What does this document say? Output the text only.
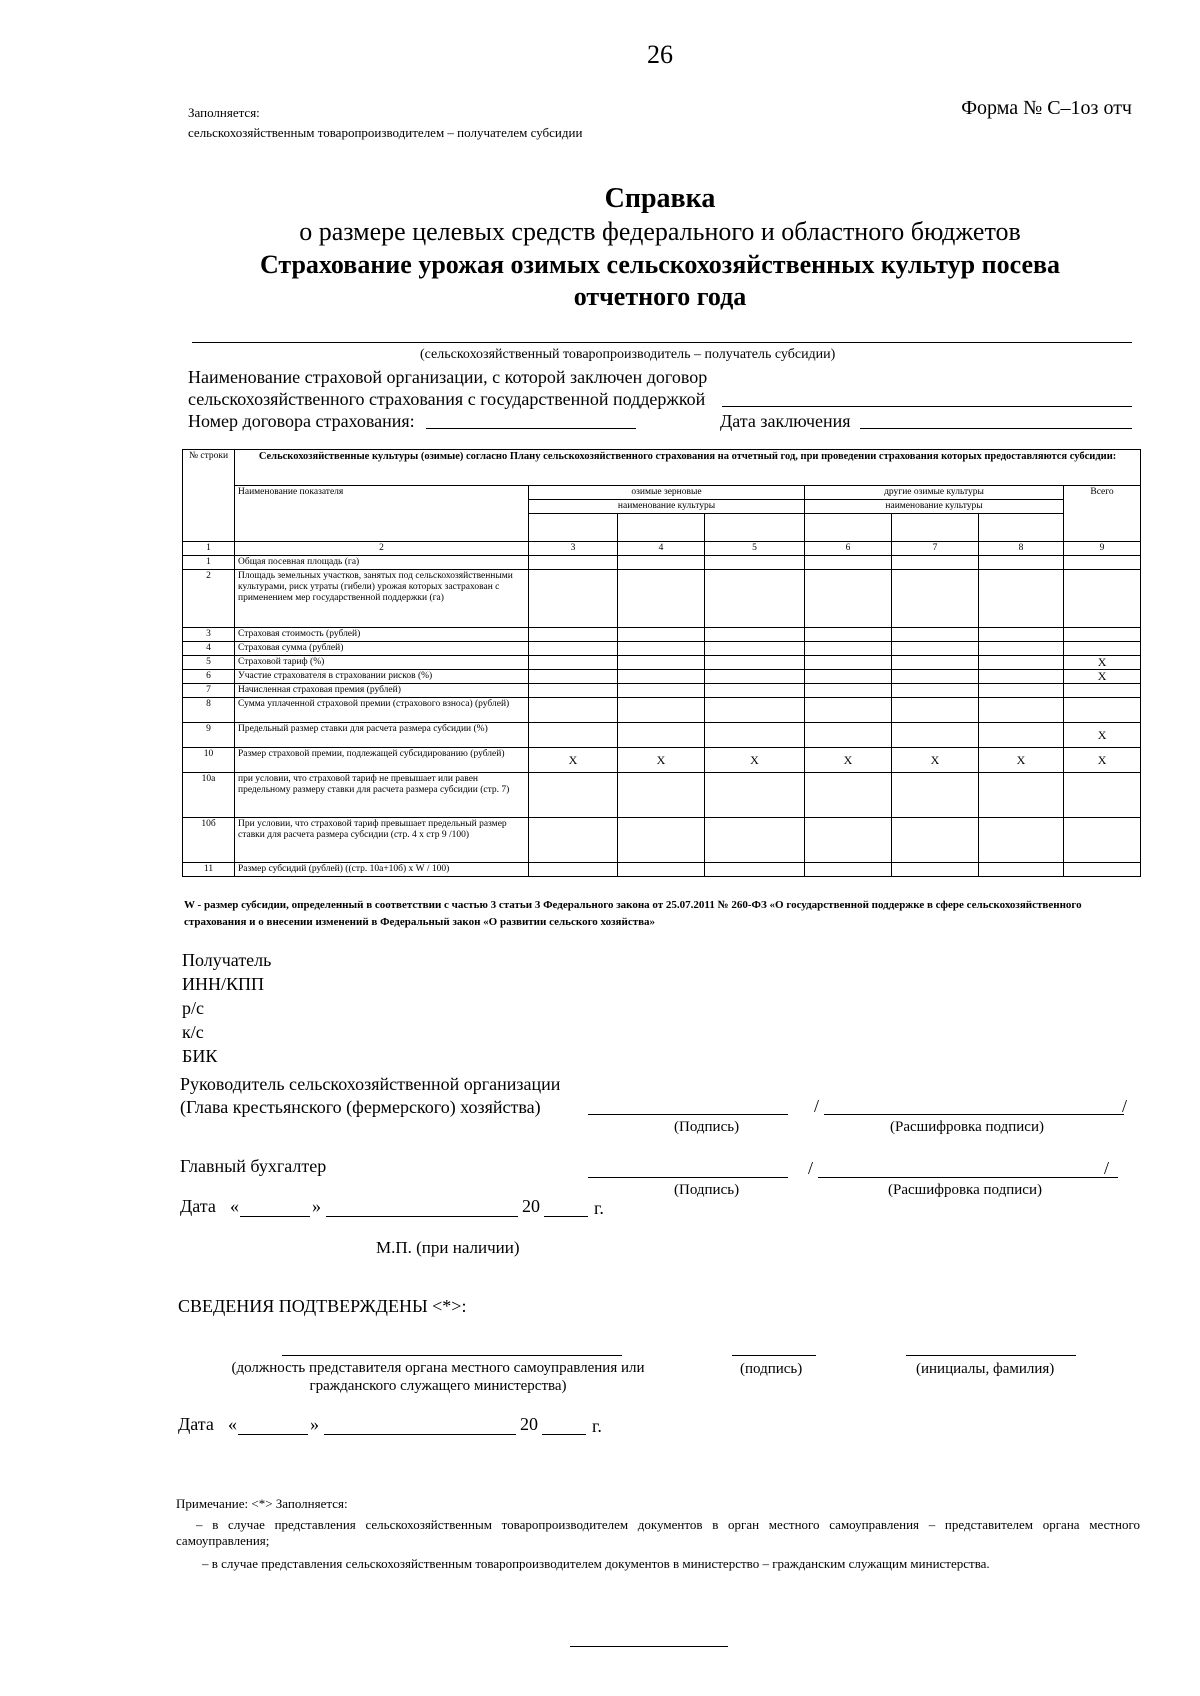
26
Заполняется:
сельскохозяйственным товаропроизводителем – получателем субсидии
Форма № С–1оз отч
Справка
о размере целевых средств федерального и областного бюджетов
Страхование урожая озимых сельскохозяйственных культур посева
отчетного года
(сельскохозяйственный товаропроизводитель – получатель субсидии)
Наименование страховой организации, с которой заключен договор
сельскохозяйственного страхования с государственной поддержкой
Номер договора страхования:	Дата заключения
№ строки	Сельскохозяйственные культуры (озимые) согласно Плану сельскохозяйственного страхования на отчетный год, при проведении страхования которых предоставляются субсидии:							
	Наименование показателя	озимые зерновые			другие озимые культуры			Всего
		наименование культуры			наименование культуры			

1	2	3	4	5	6	7	8	9
1	Общая посевная площадь (га)							
2	Площадь земельных участков, занятых под сельскохозяйственными культурами, риск утраты (гибели) урожая которых застрахован с применением мер государственной поддержки (га)							
3	Страховая стоимость (рублей)							
4	Страховая сумма (рублей)							
5	Страховой тариф (%)							X
6	Участие страхователя в страховании рисков (%)							X
7	Начисленная страховая премия (рублей)							
8	Сумма уплаченной страховой премии (страхового взноса) (рублей)							
9	Предельный размер ставки для расчета размера субсидии (%)							X
10	Размер страховой премии, подлежащей субсидированию (рублей)	X	X	X	X	X	X	X
10а	при условии, что страховой тариф не превышает или равен предельному размеру ставки для расчета размера субсидии (стр. 7)							
10б	При условии, что страховой тариф превышает предельный размер ставки для расчета размера субсидии (стр. 4 х стр 9 /100)							
11	Размер субсидий (рублей) ((стр. 10а+10б) х W / 100)							
W - размер субсидии, определенный в соответствии с частью 3 статьи 3 Федерального закона от 25.07.2011 № 260-ФЗ «О государственной поддержке в сфере сельскохозяйственного страхования и о внесении изменений в Федеральный закон «О развитии сельского хозяйства»
Получатель
ИНН/КПП
р/с
к/с
БИК
Руководитель сельскохозяйственной организации
(Глава крестьянского (фермерского) хозяйства)	/	/
(Подпись)	(Расшифровка подписи)
Главный бухгалтер	/	/
(Подпись)	(Расшифровка подписи)
Дата «	»	20	г.
М.П. (при наличии)
СВЕДЕНИЯ ПОДТВЕРЖДЕНЫ <*>:
(должность представителя органа местного самоуправления или гражданского служащего министерства)
(подпись)	(инициалы, фамилия)
Дата «	»	20	г.
Примечание: <*> Заполняется:
– в случае представления сельскохозяйственным товаропроизводителем документов в орган местного самоуправления – представителем органа местного самоуправления;
– в случае представления сельскохозяйственным товаропроизводителем документов в министерство – гражданским служащим министерства.
